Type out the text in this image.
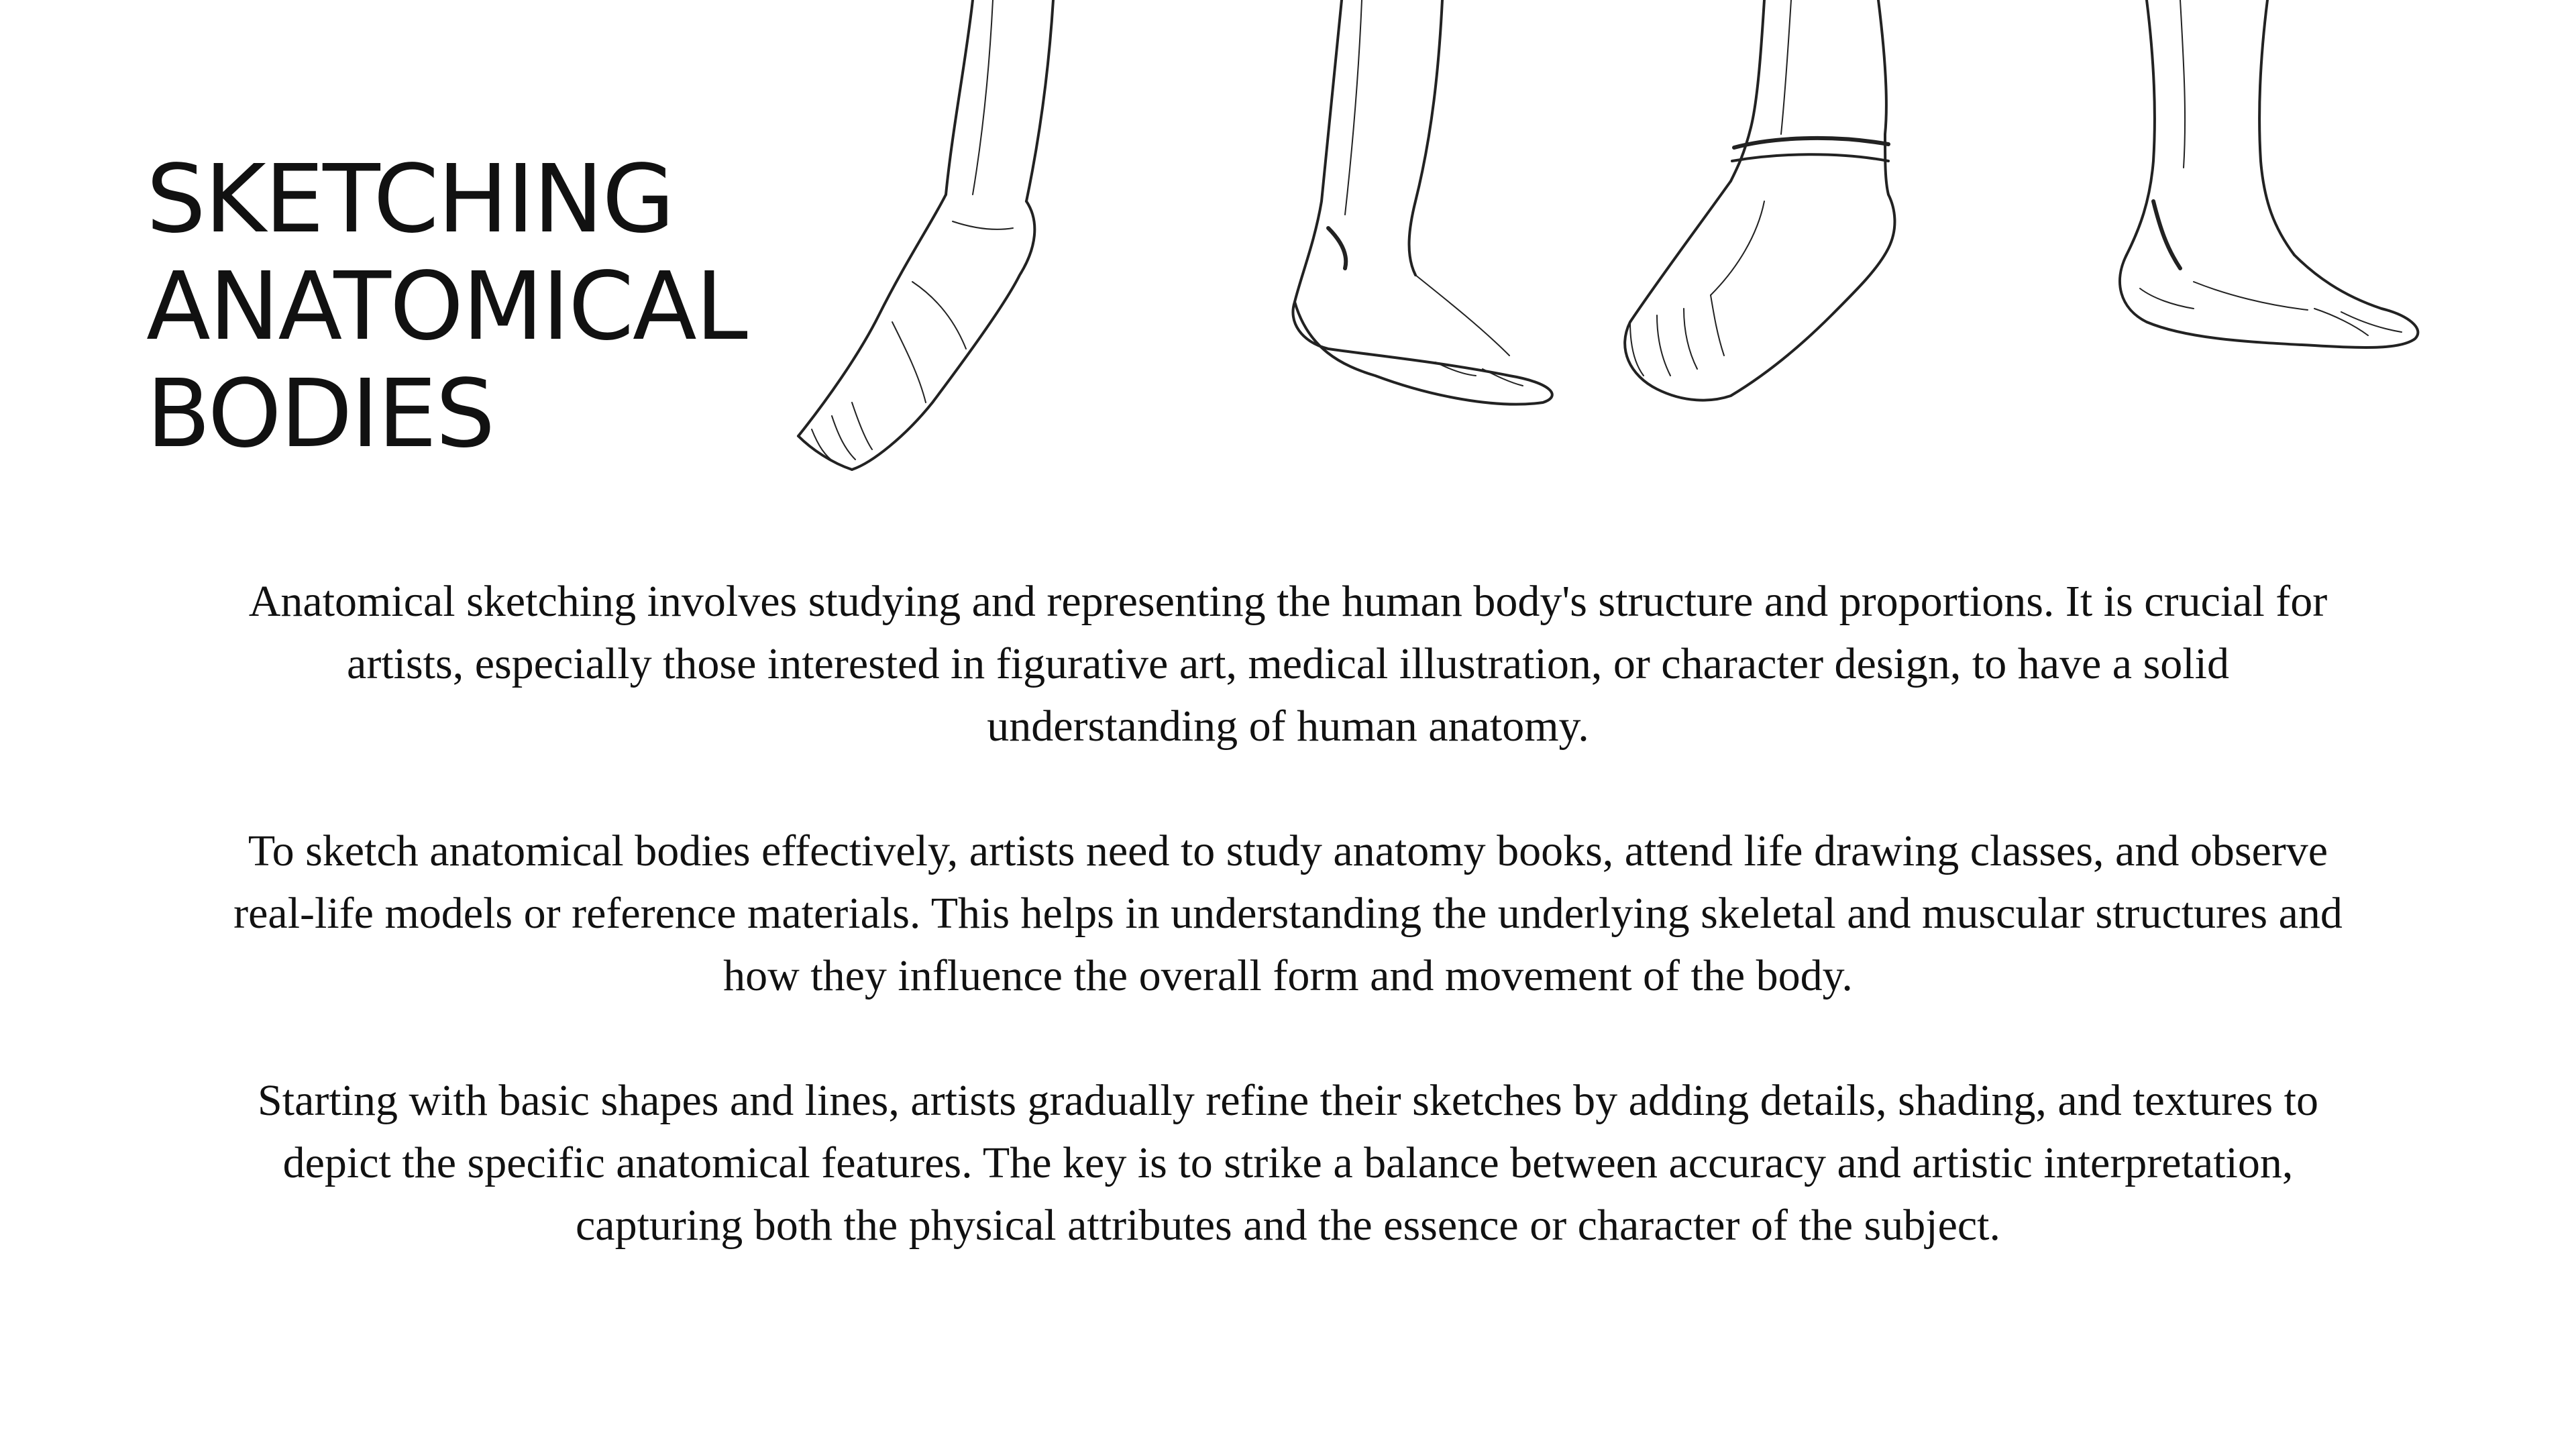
SKETCHING
ANATOMICAL
BODIES

Anatomical sketching involves studying and representing the human body's structure and proportions. It is crucial for artists, especially those interested in figurative art, medical illustration, or character design, to have a solid understanding of human anatomy.

To sketch anatomical bodies effectively, artists need to study anatomy books, attend life drawing classes, and observe real-life models or reference materials. This helps in understanding the underlying skeletal and muscular structures and how they influence the overall form and movement of the body.

Starting with basic shapes and lines, artists gradually refine their sketches by adding details, shading, and textures to depict the specific anatomical features. The key is to strike a balance between accuracy and artistic interpretation, capturing both the physical attributes and the essence or character of the subject.
